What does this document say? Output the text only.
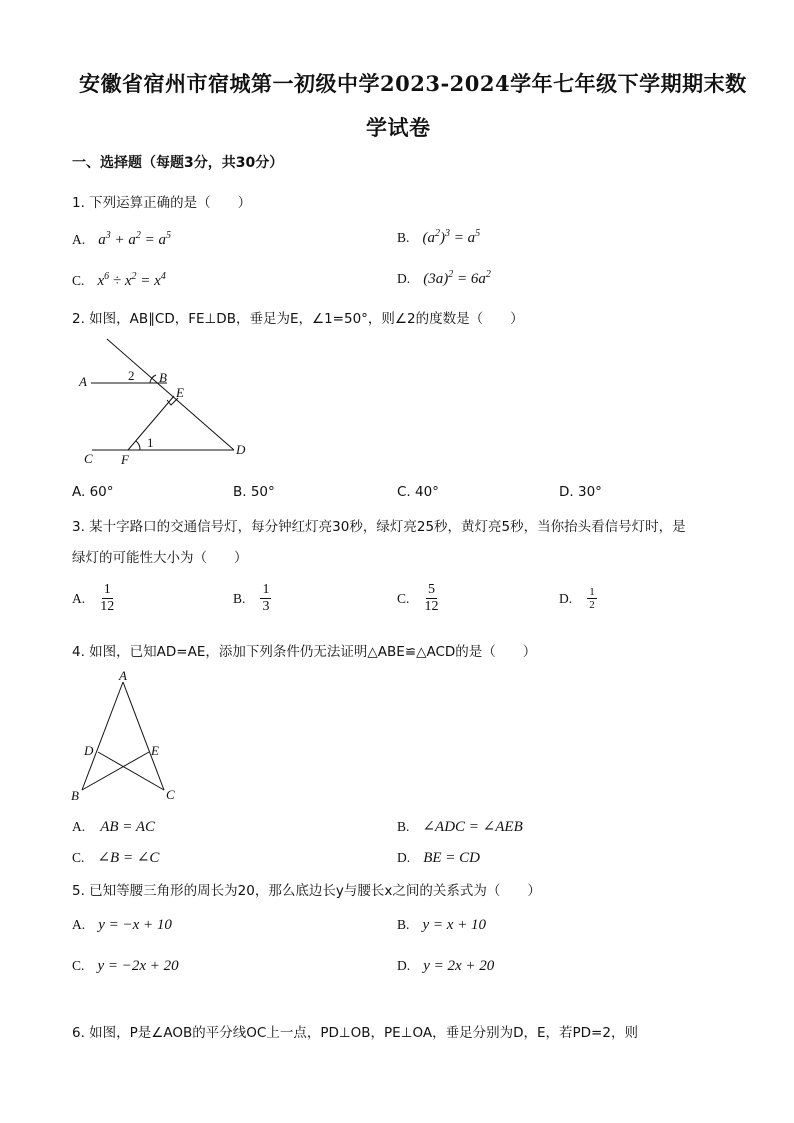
安徽省宿州市宿城第一初级中学2023-2024学年七年级下学期期末数
学试卷
一、选择题（每题3分，共30分）
1. 下列运算正确的是（　　）
A. $a^3 + a^2 = a^5$	B. $(a^2)^3 = a^5$
C. $x^6 \div x^2 = x^4$	D. $(3a)^2 = 6a^2$
2. 如图，AB∥CD，FE⊥DB，垂足为E，∠1=50°，则∠2的度数是（　　）
A	2 B
E
1	D
C F
A. 60°	B. 50°	C. 40°	D. 30°
3. 某十字路口的交通信号灯，每分钟红灯亮30秒，绿灯亮25秒，黄灯亮5秒，当你抬头看信号灯时，是
绿灯的可能性大小为（　　）
A. $\frac{1}{12}$	B. $\frac{1}{3}$	C. $\frac{5}{12}$	D. $\frac{1}{2}$
4. 如图，已知AD=AE，添加下列条件仍无法证明△ABE≌△ACD的是（　　）
A
D	E
B	C
A. AB = AC	B. ∠ADC = ∠AEB
C. ∠B = ∠C	D. BE = CD
5. 已知等腰三角形的周长为20，那么底边长y与腰长x之间的关系式为（　　）
A. y = −x + 10	B. y = x + 10
C. y = −2x + 20	D. y = 2x + 20
6. 如图，P是∠AOB的平分线OC上一点，PD⊥OB，PE⊥OA，垂足分别为D，E，若PD=2，则
